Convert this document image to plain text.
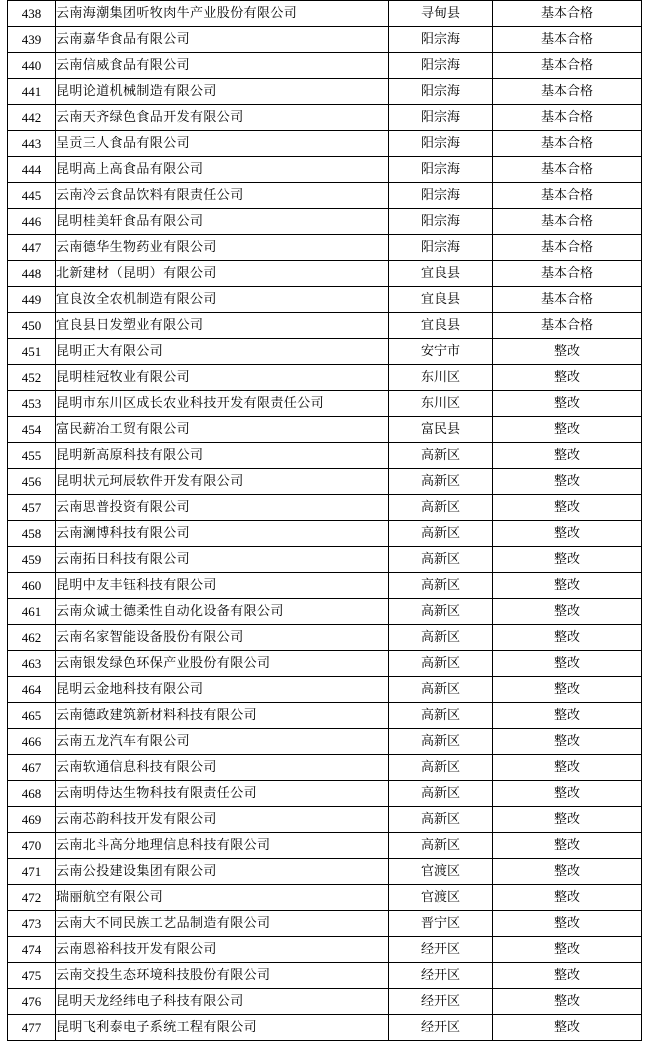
438	云南海潮集团听牧肉牛产业股份有限公司	寻甸县	基本合格
439	云南嘉华食品有限公司	阳宗海	基本合格
440	云南信威食品有限公司	阳宗海	基本合格
441	昆明论道机械制造有限公司	阳宗海	基本合格
442	云南天齐绿色食品开发有限公司	阳宗海	基本合格
443	呈贡三人食品有限公司	阳宗海	基本合格
444	昆明高上高食品有限公司	阳宗海	基本合格
445	云南冷云食品饮料有限责任公司	阳宗海	基本合格
446	昆明桂美轩食品有限公司	阳宗海	基本合格
447	云南德华生物药业有限公司	阳宗海	基本合格
448	北新建材（昆明）有限公司	宜良县	基本合格
449	宜良汝全农机制造有限公司	宜良县	基本合格
450	宜良县日发塑业有限公司	宜良县	基本合格
451	昆明正大有限公司	安宁市	整改
452	昆明桂冠牧业有限公司	东川区	整改
453	昆明市东川区成长农业科技开发有限责任公司	东川区	整改
454	富民薪冶工贸有限公司	富民县	整改
455	昆明新高原科技有限公司	高新区	整改
456	昆明状元珂辰软件开发有限公司	高新区	整改
457	云南思普投资有限公司	高新区	整改
458	云南澜博科技有限公司	高新区	整改
459	云南拓日科技有限公司	高新区	整改
460	昆明中友丰钰科技有限公司	高新区	整改
461	云南众诚士德柔性自动化设备有限公司	高新区	整改
462	云南名家智能设备股份有限公司	高新区	整改
463	云南银发绿色环保产业股份有限公司	高新区	整改
464	昆明云金地科技有限公司	高新区	整改
465	云南德政建筑新材料科技有限公司	高新区	整改
466	云南五龙汽车有限公司	高新区	整改
467	云南软通信息科技有限公司	高新区	整改
468	云南明侍达生物科技有限责任公司	高新区	整改
469	云南芯韵科技开发有限公司	高新区	整改
470	云南北斗高分地理信息科技有限公司	高新区	整改
471	云南公投建设集团有限公司	官渡区	整改
472	瑞丽航空有限公司	官渡区	整改
473	云南大不同民族工艺品制造有限公司	晋宁区	整改
474	云南恩裕科技开发有限公司	经开区	整改
475	云南交投生态环境科技股份有限公司	经开区	整改
476	昆明天龙经纬电子科技有限公司	经开区	整改
477	昆明飞利泰电子系统工程有限公司	经开区	整改
